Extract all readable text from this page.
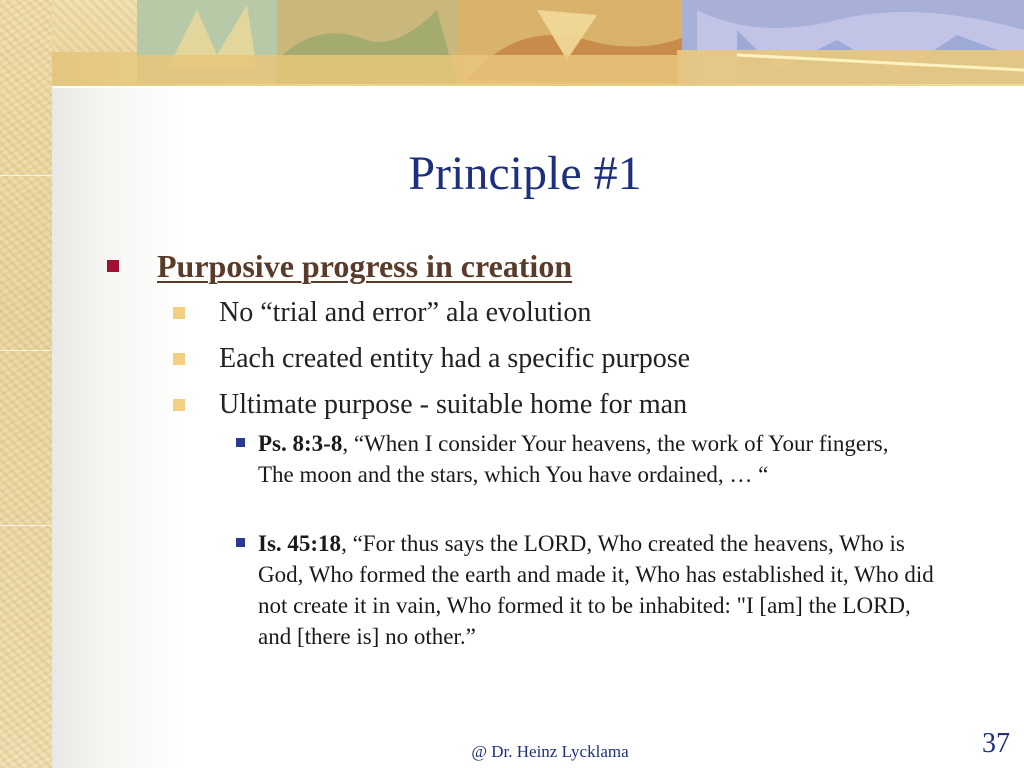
Principle #1
Purposive progress in creation
No “trial and error” ala evolution
Each created entity had a specific purpose
Ultimate purpose - suitable home for man
Ps. 8:3-8, “When I consider Your heavens, the work of Your fingers, The moon and the stars, which You have ordained, … “
Is. 45:18, “For thus says the LORD, Who created the heavens, Who is God, Who formed the earth and made it, Who has established it, Who did not create it in vain, Who formed it to be inhabited: "I [am] the LORD, and [there is] no other.”
@ Dr. Heinz Lycklama	37
